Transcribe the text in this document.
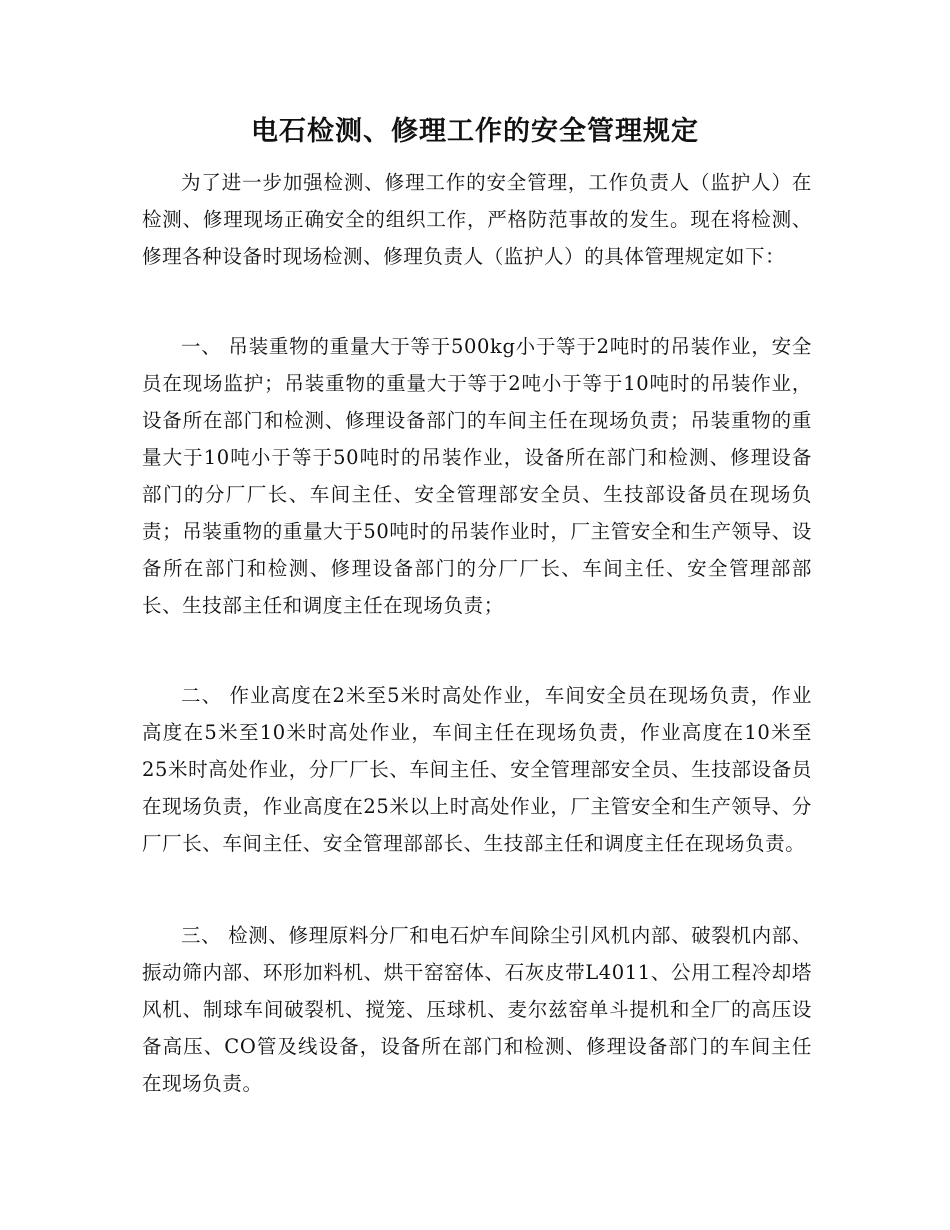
电石检测、修理工作的安全管理规定

为了进一步加强检测、修理工作的安全管理，工作负责人（监护人）在检测、修理现场正确安全的组织工作，严格防范事故的发生。现在将检测、修理各种设备时现场检测、修理负责人（监护人）的具体管理规定如下：

一、 吊装重物的重量大于等于500kg小于等于2吨时的吊装作业，安全员在现场监护；吊装重物的重量大于等于2吨小于等于10吨时的吊装作业，设备所在部门和检测、修理设备部门的车间主任在现场负责；吊装重物的重量大于10吨小于等于50吨时的吊装作业，设备所在部门和检测、修理设备部门的分厂厂长、车间主任、安全管理部安全员、生技部设备员在现场负责；吊装重物的重量大于50吨时的吊装作业时，厂主管安全和生产领导、设备所在部门和检测、修理设备部门的分厂厂长、车间主任、安全管理部部长、生技部主任和调度主任在现场负责；

二、 作业高度在2米至5米时高处作业，车间安全员在现场负责，作业高度在5米至10米时高处作业，车间主任在现场负责，作业高度在10米至25米时高处作业，分厂厂长、车间主任、安全管理部安全员、生技部设备员在现场负责，作业高度在25米以上时高处作业，厂主管安全和生产领导、分厂厂长、车间主任、安全管理部部长、生技部主任和调度主任在现场负责。

三、 检测、修理原料分厂和电石炉车间除尘引风机内部、破裂机内部、振动筛内部、环形加料机、烘干窑窑体、石灰皮带L4011、公用工程冷却塔风机、制球车间破裂机、搅笼、压球机、麦尔兹窑单斗提机和全厂的高压设备高压、CO管及线设备，设备所在部门和检测、修理设备部门的车间主任在现场负责。
